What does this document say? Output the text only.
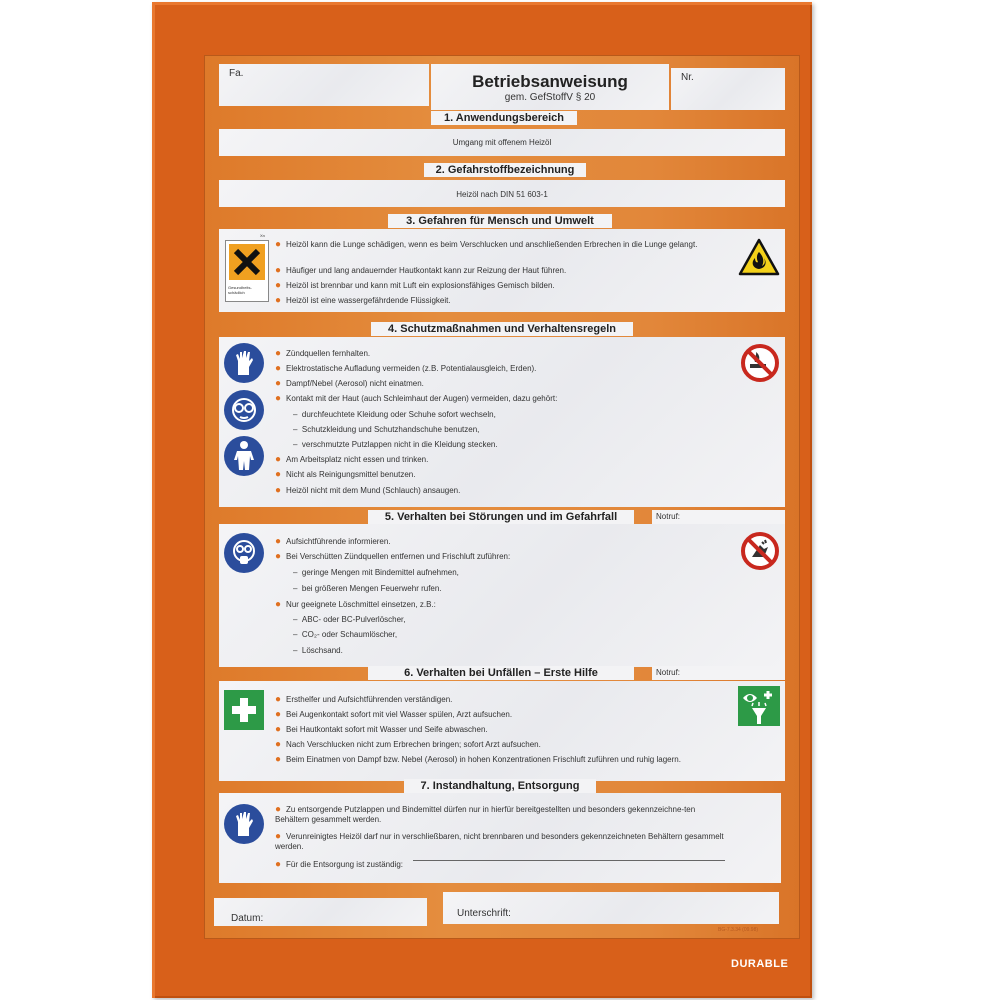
Fa.	Betriebsanweisung
gem. GefStoffV § 20
Nr.
1. Anwendungsbereich
Umgang mit offenem Heizöl
2. Gefahrstoffbezeichnung
Heizöl nach DIN 51 603-1
3. Gefahren für Mensch und Umwelt
Gesundheits-
schädlich
Xn
● Heizöl kann die Lunge schädigen, wenn es beim Verschlucken und anschließenden Erbrechen in die Lunge gelangt.
● Häufiger und lang andauernder Hautkontakt kann zur Reizung der Haut führen.
● Heizöl ist brennbar und kann mit Luft ein explosionsfähiges Gemisch bilden.
● Heizöl ist eine wassergefährdende Flüssigkeit.
4. Schutzmaßnahmen und Verhaltensregeln
● Zündquellen fernhalten.
● Elektrostatische Aufladung vermeiden (z.B. Potentialausgleich, Erden).
● Dampf/Nebel (Aerosol) nicht einatmen.
● Kontakt mit der Haut (auch Schleimhaut der Augen) vermeiden, dazu gehört:
–  durchfeuchtete Kleidung oder Schuhe sofort wechseln,
–  Schutzkleidung und Schutzhandschuhe benutzen,
–  verschmutzte Putzlappen nicht in die Kleidung stecken.
● Am Arbeitsplatz nicht essen und trinken.
● Nicht als Reinigungsmittel benutzen.
● Heizöl nicht mit dem Mund (Schlauch) ansaugen.
5. Verhalten bei Störungen und im Gefahrfall	Notruf:
● Aufsichtführende informieren.
● Bei Verschütten Zündquellen entfernen und Frischluft zuführen:
–  geringe Mengen mit Bindemittel aufnehmen,
–  bei größeren Mengen Feuerwehr rufen.
● Nur geeignete Löschmittel einsetzen, z.B.:
–  ABC- oder BC-Pulverlöscher,
–  CO₂- oder Schaumlöscher,
–  Löschsand.
6. Verhalten bei Unfällen – Erste Hilfe	Notruf:
● Ersthelfer und Aufsichtführenden verständigen.
● Bei Augenkontakt sofort mit viel Wasser spülen, Arzt aufsuchen.
● Bei Hautkontakt sofort mit Wasser und Seife abwaschen.
● Nach Verschlucken nicht zum Erbrechen bringen; sofort Arzt aufsuchen.
● Beim Einatmen von Dampf bzw. Nebel (Aerosol) in hohen Konzentrationen Frischluft zuführen und ruhig lagern.
7. Instandhaltung, Entsorgung
● Zu entsorgende Putzlappen und Bindemittel dürfen nur in hierfür bereitgestellten und besonders gekennzeichne-ten Behältern gesammelt werden.
● Verunreinigtes Heizöl darf nur in verschließbaren, nicht brennbaren und besonders gekennzeichneten Behältern gesammelt werden.
● Für die Entsorgung ist zuständig:
Datum:	Unterschrift:
BG-7.3.34 (09.98)
DURABLE
